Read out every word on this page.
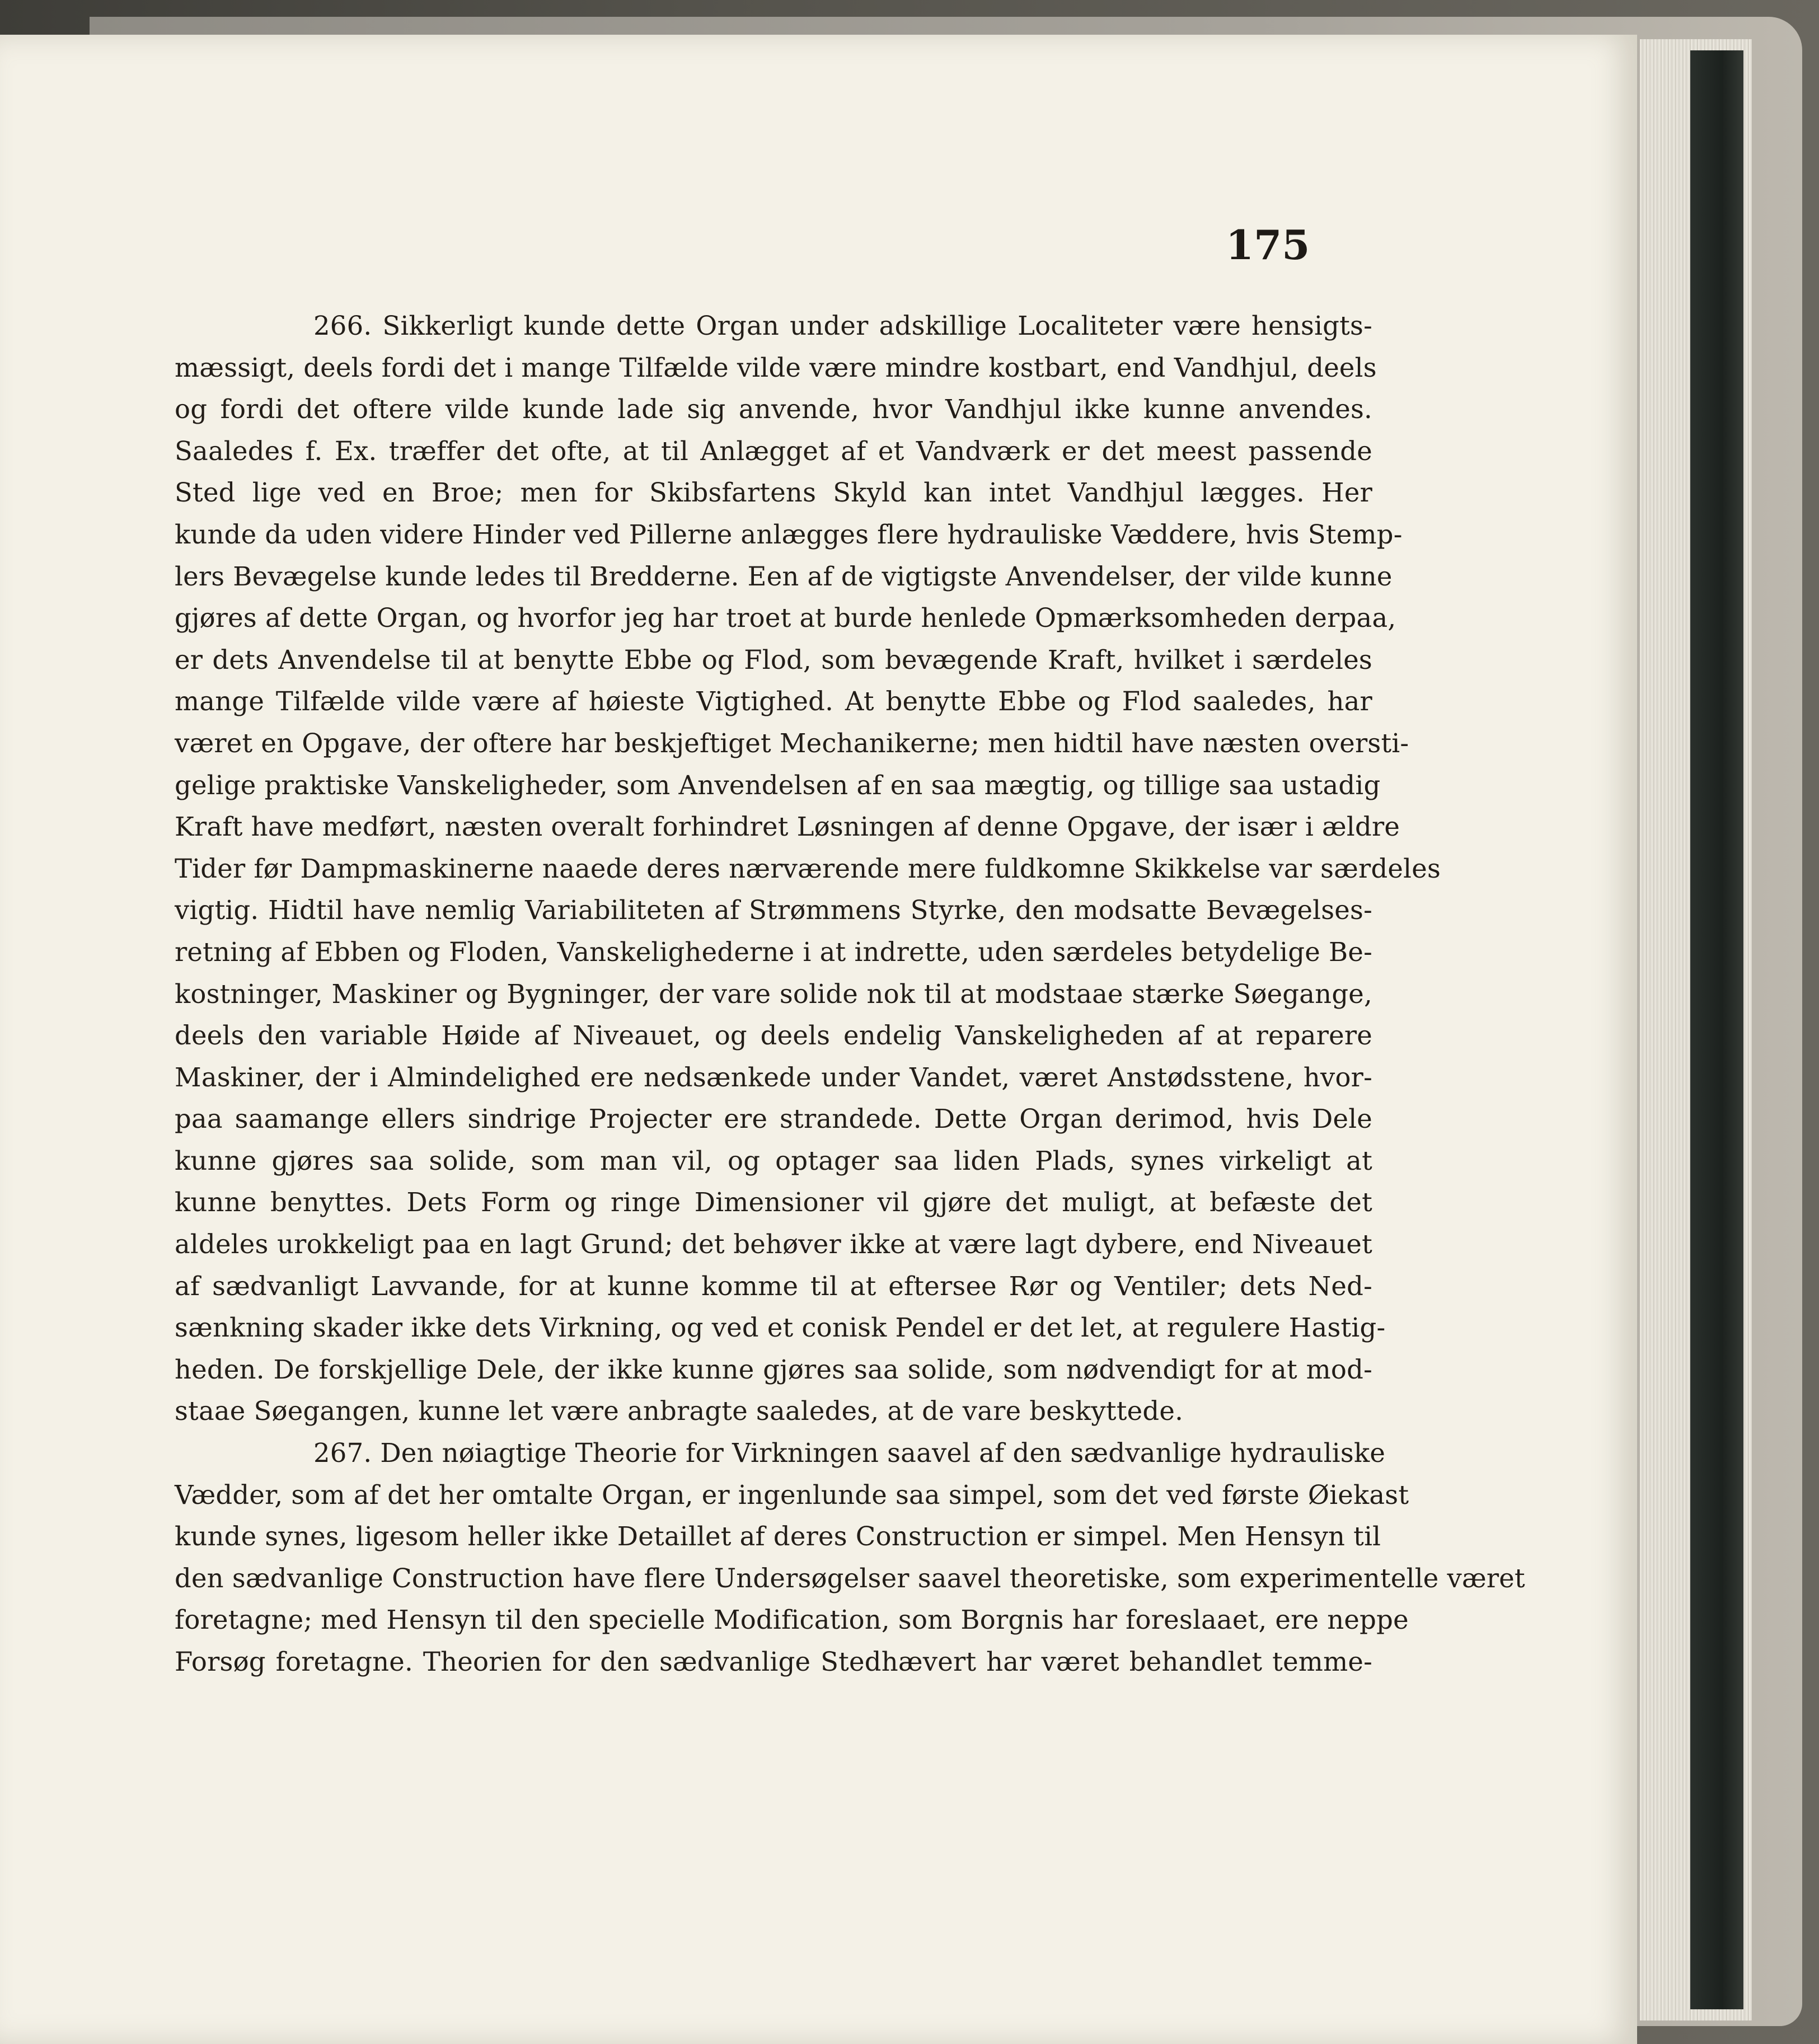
175
266. Sikkerligt kunde dette Organ under adskillige Localiteter være hensigts-
mæssigt, deels fordi det i mange Tilfælde vilde være mindre kostbart, end Vandhjul, deels
og fordi det oftere vilde kunde lade sig anvende, hvor Vandhjul ikke kunne anvendes.
Saaledes f. Ex. træffer det ofte, at til Anlægget af et Vandværk er det meest passende
Sted lige ved en Broe; men for Skibsfartens Skyld kan intet Vandhjul lægges. Her
kunde da uden videre Hinder ved Pillerne anlægges flere hydrauliske Væddere, hvis Stemp-
lers Bevægelse kunde ledes til Bredderne. Een af de vigtigste Anvendelser, der vilde kunne
gjøres af dette Organ, og hvorfor jeg har troet at burde henlede Opmærksomheden derpaa,
er dets Anvendelse til at benytte Ebbe og Flod, som bevægende Kraft, hvilket i særdeles
mange Tilfælde vilde være af høieste Vigtighed. At benytte Ebbe og Flod saaledes, har
været en Opgave, der oftere har beskjeftiget Mechanikerne; men hidtil have næsten oversti-
gelige praktiske Vanskeligheder, som Anvendelsen af en saa mægtig, og tillige saa ustadig
Kraft have medført, næsten overalt forhindret Løsningen af denne Opgave, der især i ældre
Tider før Dampmaskinerne naaede deres nærværende mere fuldkomne Skikkelse var særdeles
vigtig. Hidtil have nemlig Variabiliteten af Strømmens Styrke, den modsatte Bevægelses-
retning af Ebben og Floden, Vanskelighederne i at indrette, uden særdeles betydelige Be-
kostninger, Maskiner og Bygninger, der vare solide nok til at modstaae stærke Søegange,
deels den variable Høide af Niveauet, og deels endelig Vanskeligheden af at reparere
Maskiner, der i Almindelighed ere nedsænkede under Vandet, været Anstødsstene, hvor-
paa saamange ellers sindrige Projecter ere strandede. Dette Organ derimod, hvis Dele
kunne gjøres saa solide, som man vil, og optager saa liden Plads, synes virkeligt at
kunne benyttes. Dets Form og ringe Dimensioner vil gjøre det muligt, at befæste det
aldeles urokkeligt paa en lagt Grund; det behøver ikke at være lagt dybere, end Niveauet
af sædvanligt Lavvande, for at kunne komme til at eftersee Rør og Ventiler; dets Ned-
sænkning skader ikke dets Virkning, og ved et conisk Pendel er det let, at regulere Hastig-
heden. De forskjellige Dele, der ikke kunne gjøres saa solide, som nødvendigt for at mod-
staae Søegangen, kunne let være anbragte saaledes, at de vare beskyttede.
267. Den nøiagtige Theorie for Virkningen saavel af den sædvanlige hydrauliske
Vædder, som af det her omtalte Organ, er ingenlunde saa simpel, som det ved første Øiekast
kunde synes, ligesom heller ikke Detaillet af deres Construction er simpel. Men Hensyn til
den sædvanlige Construction have flere Undersøgelser saavel theoretiske, som experimentelle været
foretagne; med Hensyn til den specielle Modification, som Borgnis har foreslaaet, ere neppe
Forsøg foretagne. Theorien for den sædvanlige Stedhævert har været behandlet temme-
